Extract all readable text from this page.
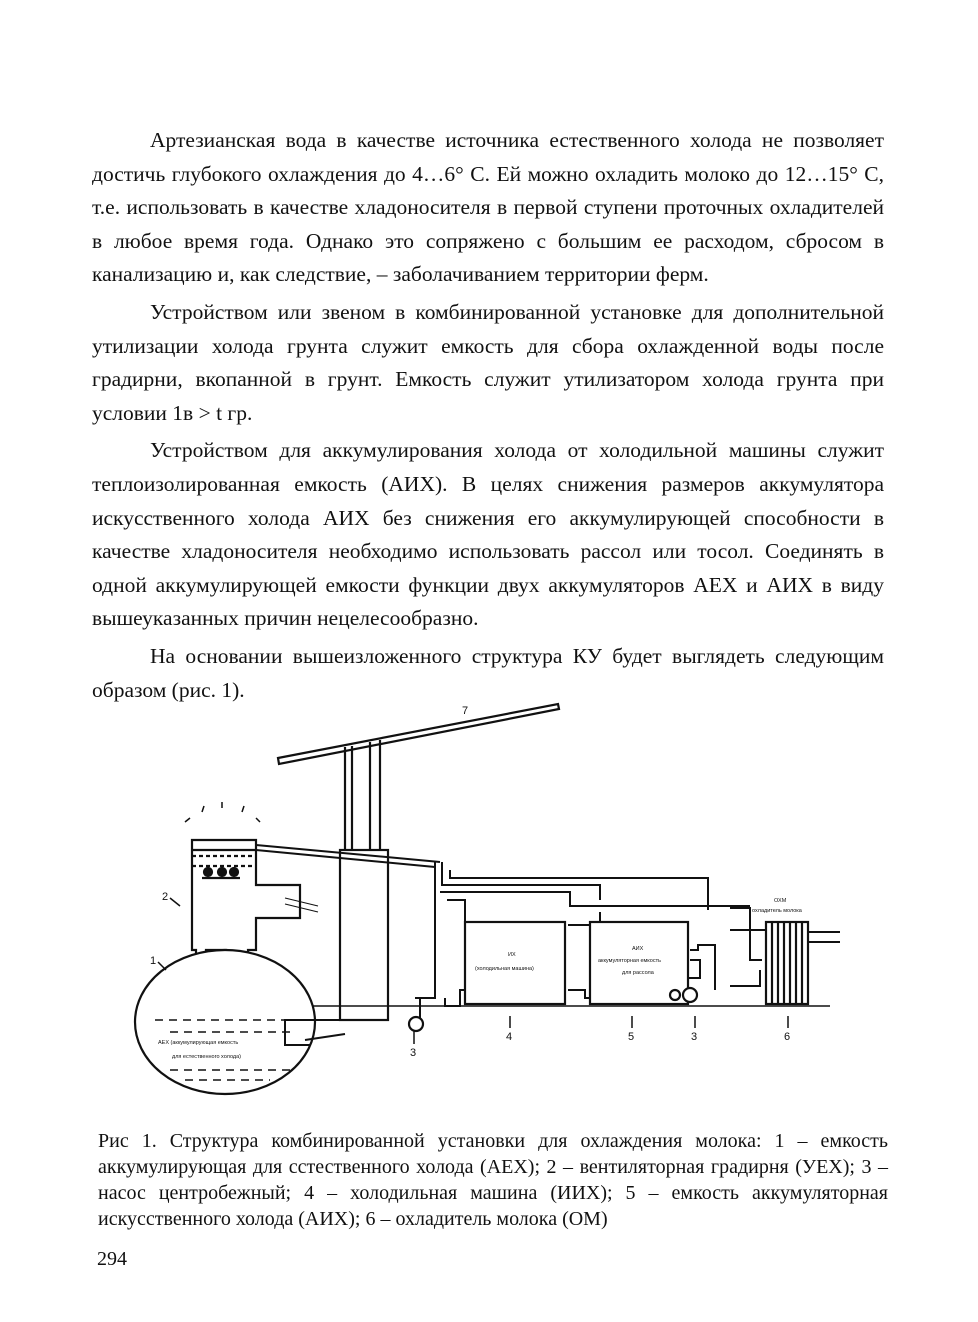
Артезианская вода в качестве источника естественного холода не позволяет достичь глубокого охлаждения до 4…6° С. Ей можно охладить молоко до 12…15° С, т.е. использовать в качестве хладоносителя в первой ступени проточных охладителей в любое время года. Однако это сопряжено с большим ее расходом, сбросом в канализацию и, как следствие, – заболачиванием территории ферм.

Устройством или звеном в комбинированной установке для дополнительной утилизации холода грунта служит емкость для сбора охлажденной воды после градирни, вкопанной в грунт. Емкость служит утилизатором холода грунта при условии 1в > t гр.

Устройством для аккумулирования холода от холодильной машины служит теплоизолированная емкость (АИХ). В целях снижения размеров аккумулятора искусственного холода АИХ без снижения его аккумулирующей способности в качестве хладоносителя необходимо использовать рассол или тосол. Соединять в одной аккумулирующей емкости функции двух аккумуляторов АЕХ и АИХ в виду вышеуказанных причин нецелесообразно.

На основании вышеизложенного структура КУ будет выглядеть следующим образом (рис. 1).

7
2
1
3
4	5	3	6
АЕХ (аккумулирующая емкость
для естественного холода)
ИХ
(холодильная машина)
АИХ
аккумуляторная емкость
для рассола
ОХМ
охладитель молока

Рис 1. Структура комбинированной установки для охлаждения молока: 1 – емкость аккумулирующая для сстественного холода (АЕХ); 2 – вентиляторная градирня (УЕХ); 3 – насос центробежный; 4 – холодильная машина (ИИХ); 5 – емкость аккумуляторная искусственного холода (АИХ); 6 – охладитель молока (ОМ)

294
